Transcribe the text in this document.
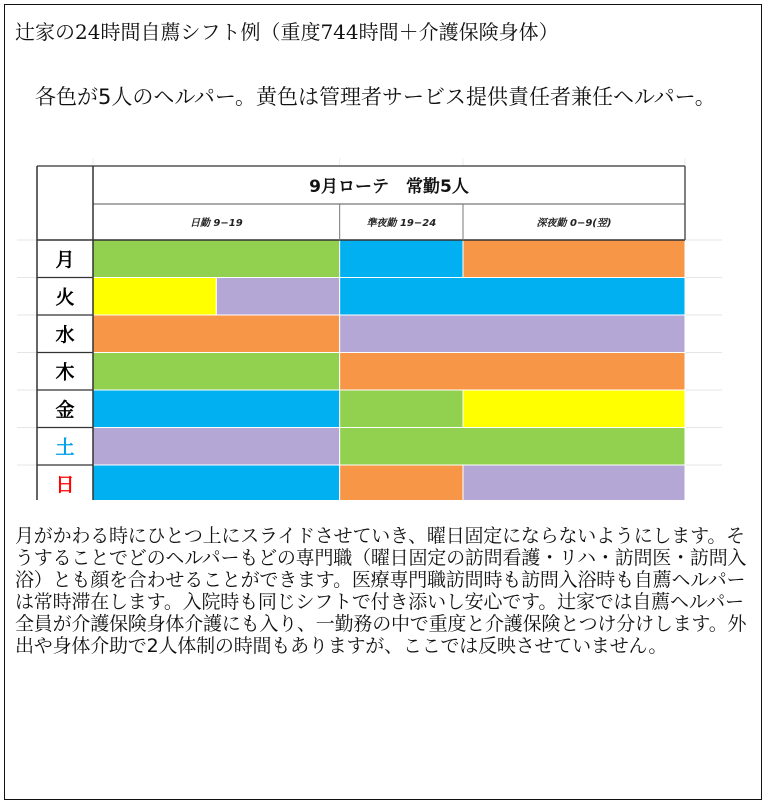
辻家の24時間自薦シフト例（重度744時間＋介護保険身体）
各色が5人のヘルパー。黄色は管理者サービス提供責任者兼任ヘルパー。
9月ローテ　常勤5人
日勤 9−19	準夜勤 19−24	深夜勤 0−9(翌)
月
火
水
木
金
土
日
月がかわる時にひとつ上にスライドさせていき、曜日固定にならないようにします。そうすることでどのヘルパーもどの専門職（曜日固定の訪問看護・リハ・訪問医・訪問入浴）とも顔を合わせることができます。医療専門職訪問時も訪問入浴時も自薦ヘルパーは常時滞在します。入院時も同じシフトで付き添いし安心です。辻家では自薦ヘルパー全員が介護保険身体介護にも入り、一勤務の中で重度と介護保険とつけ分けします。外出や身体介助で2人体制の時間もありますが、ここでは反映させていません。
